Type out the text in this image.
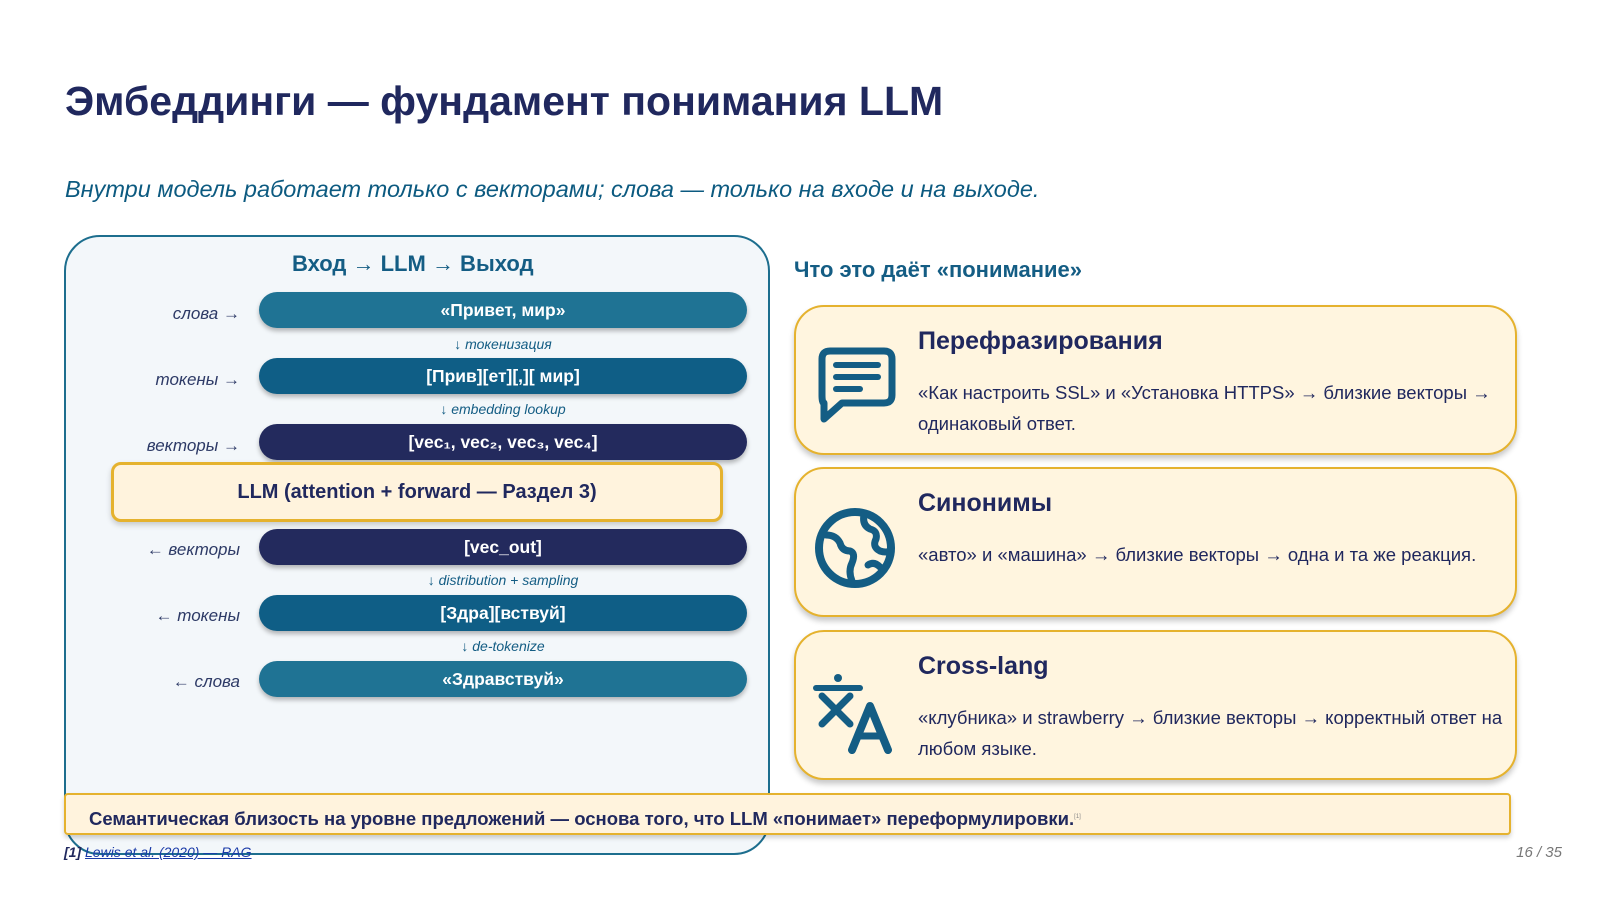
Эмбеддинги — фундамент понимания LLM
Внутри модель работает только с векторами; слова — только на входе и на выходе.
Вход → LLM → Выход
слова →	«Привет, мир»
↓ токенизация
токены →	[Прив][ет][,][ мир]
↓ embedding lookup
векторы →	[vec₁, vec₂, vec₃, vec₄]
LLM (attention + forward — Раздел 3)
← векторы	[vec_out]
↓ distribution + sampling
← токены	[Здра][вствуй]
↓ de-tokenize
← слова	«Здравствуй»
Что это даёт «понимание»
Перефразирования
«Как настроить SSL» и «Установка HTTPS» → близкие векторы → одинаковый ответ.
Синонимы
«авто» и «машина» → близкие векторы → одна и та же реакция.
Cross-lang
«клубника» и strawberry → близкие векторы → корректный ответ на любом языке.
Семантическая близость на уровне предложений — основа того, что LLM «понимает» переформулировки.[1]
[1] Lewis et al. (2020) — RAG	16 / 35
